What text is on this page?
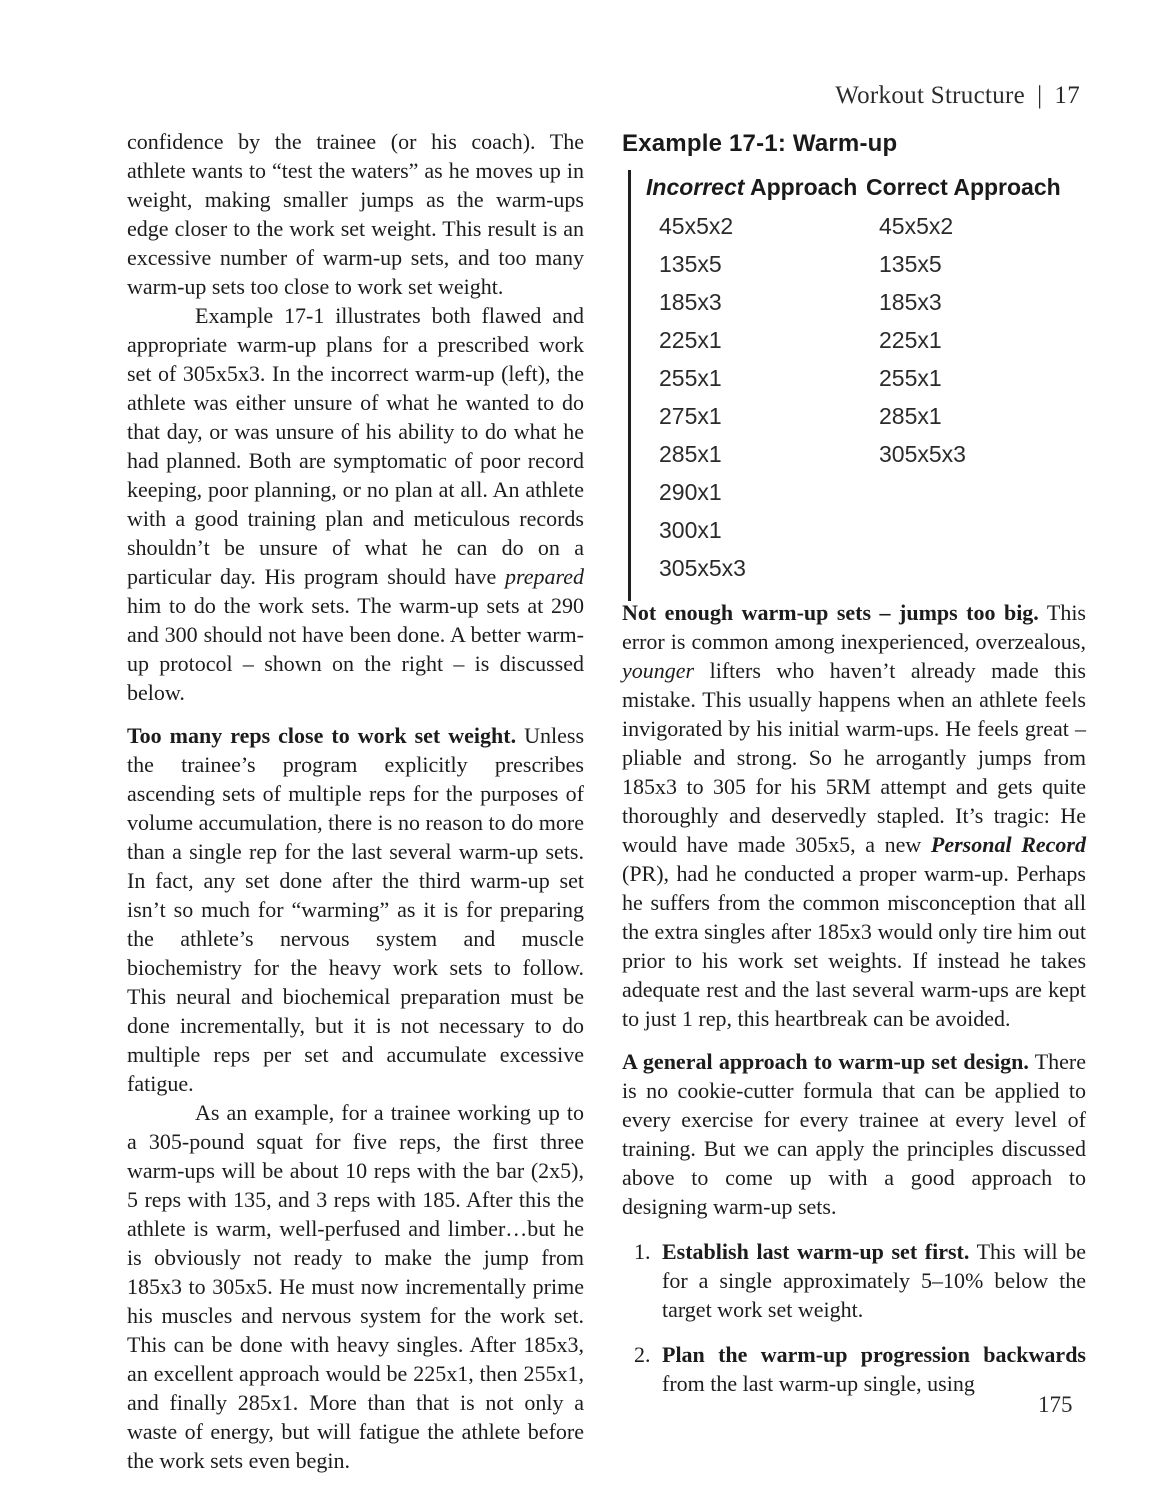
Workout Structure | 17

confidence by the trainee (or his coach). The athlete wants to “test the waters” as he moves up in weight, making smaller jumps as the warm-ups edge closer to the work set weight. This result is an excessive number of warm-up sets, and too many warm-up sets too close to work set weight.

Example 17-1 illustrates both flawed and appropriate warm-up plans for a prescribed work set of 305x5x3. In the incorrect warm-up (left), the athlete was either unsure of what he wanted to do that day, or was unsure of his ability to do what he had planned. Both are symptomatic of poor record keeping, poor planning, or no plan at all. An athlete with a good training plan and meticulous records shouldn’t be unsure of what he can do on a particular day. His program should have prepared him to do the work sets. The warm-up sets at 290 and 300 should not have been done. A better warm-up protocol – shown on the right – is discussed below.

Too many reps close to work set weight. Unless the trainee’s program explicitly prescribes ascending sets of multiple reps for the purposes of volume accumulation, there is no reason to do more than a single rep for the last several warm-up sets. In fact, any set done after the third warm-up set isn’t so much for “warming” as it is for preparing the athlete’s nervous system and muscle biochemistry for the heavy work sets to follow. This neural and biochemical preparation must be done incrementally, but it is not necessary to do multiple reps per set and accumulate excessive fatigue.

As an example, for a trainee working up to a 305-pound squat for five reps, the first three warm-ups will be about 10 reps with the bar (2x5), 5 reps with 135, and 3 reps with 185. After this the athlete is warm, well-perfused and limber…but he is obviously not ready to make the jump from 185x3 to 305x5. He must now incrementally prime his muscles and nervous system for the work set. This can be done with heavy singles. After 185x3, an excellent approach would be 225x1, then 255x1, and finally 285x1. More than that is not only a waste of energy, but will fatigue the athlete before the work sets even begin.

Example 17-1: Warm-up
Incorrect Approach
45x5x2
135x5
185x3
225x1
255x1
275x1
285x1
290x1
300x1
305x5x3
Correct Approach
45x5x2
135x5
185x3
225x1
255x1
285x1
305x5x3

Not enough warm-up sets – jumps too big. This error is common among inexperienced, overzealous, younger lifters who haven’t already made this mistake. This usually happens when an athlete feels invigorated by his initial warm-ups. He feels great – pliable and strong. So he arrogantly jumps from 185x3 to 305 for his 5RM attempt and gets quite thoroughly and deservedly stapled. It’s tragic: He would have made 305x5, a new Personal Record (PR), had he conducted a proper warm-up. Perhaps he suffers from the common misconception that all the extra singles after 185x3 would only tire him out prior to his work set weights. If instead he takes adequate rest and the last several warm-ups are kept to just 1 rep, this heartbreak can be avoided.

A general approach to warm-up set design. There is no cookie-cutter formula that can be applied to every exercise for every trainee at every level of training. But we can apply the principles discussed above to come up with a good approach to designing warm-up sets.

1. Establish last warm-up set first. This will be for a single approximately 5–10% below the target work set weight.
2. Plan the warm-up progression backwards from the last warm-up single, using
175
